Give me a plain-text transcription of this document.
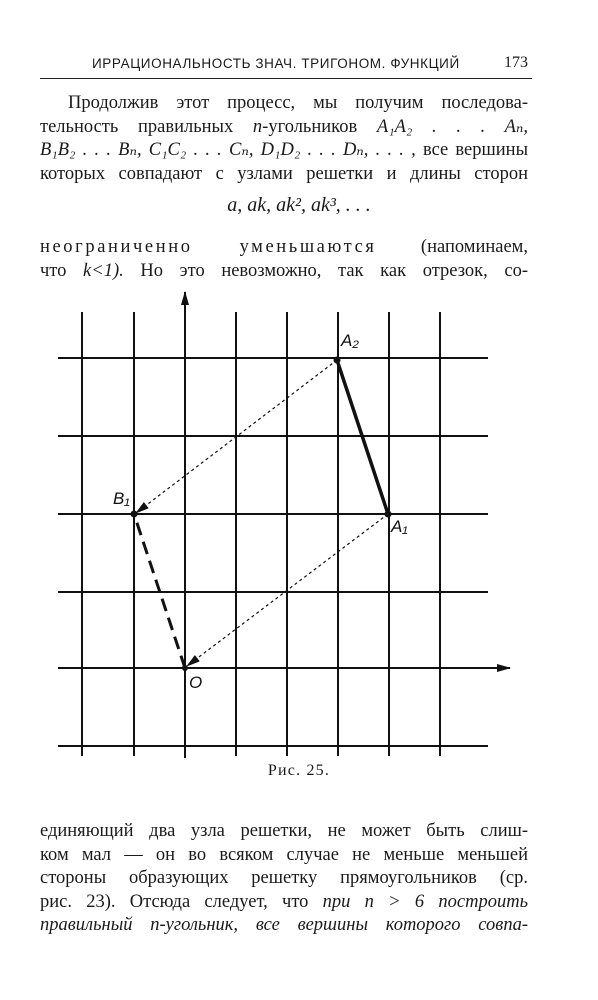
ИРРАЦИОНАЛЬНОСТЬ ЗНАЧ. ТРИГОНОМ. ФУНКЦИЙ	173
Продолжив этот процесс, мы получим последова-
тельность правильных n-угольников A₁A₂ . . . Aₙ,
B₁B₂ . . . Bₙ, C₁C₂ . . . Cₙ, D₁D₂ . . . Dₙ, . . . , все вершины
которых совпадают с узлами решетки и длины сторон
a, ak, ak², ak³, . . .
неограниченно уменьшаются (напоминаем,
что k<1). Но это невозможно, так как отрезок, со-
A₂
A₁
B₁
O
Рис. 25.
единяющий два узла решетки, не может быть слиш-
ком мал — он во всяком случае не меньше меньшей
стороны образующих решетку прямоугольников (ср.
рис. 23). Отсюда следует, что при n > 6 построить
правильный n-угольник, все вершины которого совпа-
